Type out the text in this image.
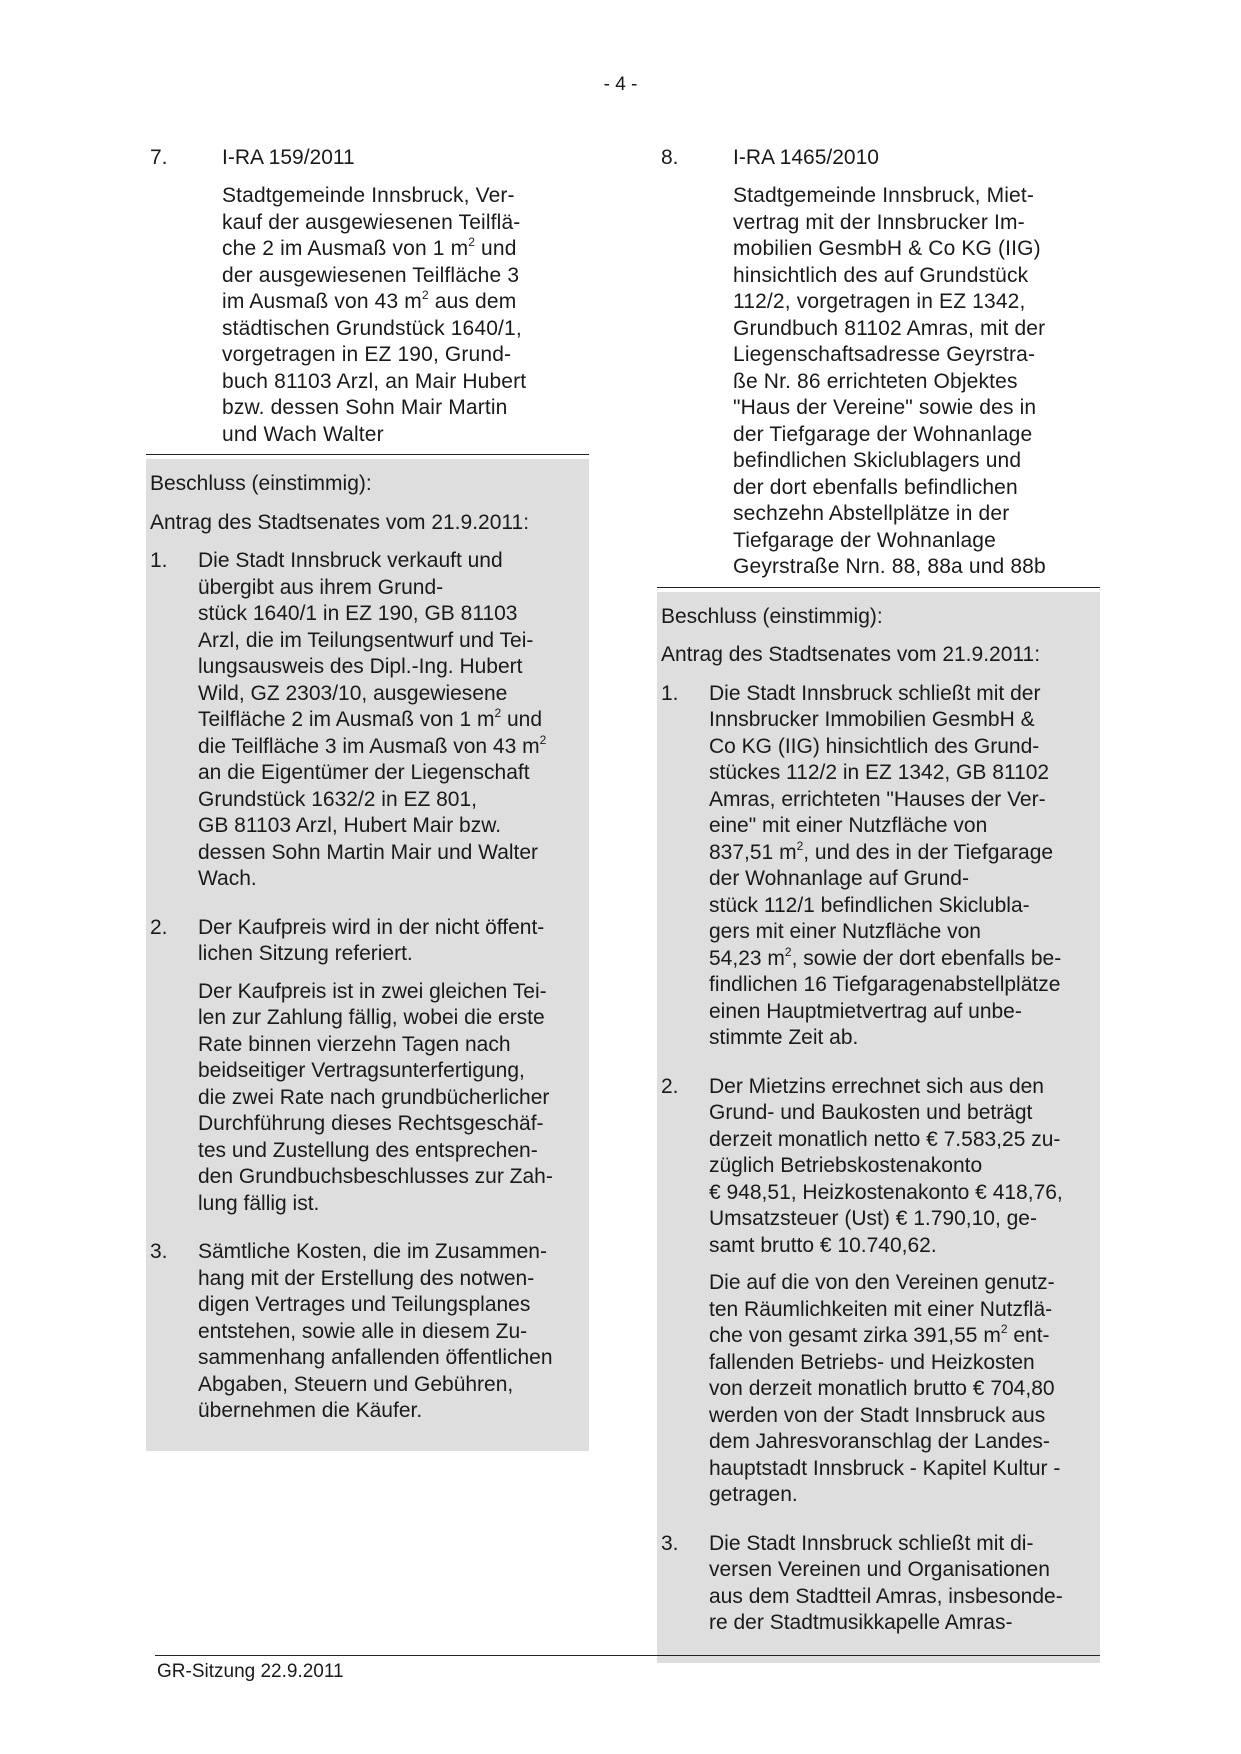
- 4 -
7.	I-RA 159/2011
Stadtgemeinde Innsbruck, Ver-
kauf der ausgewiesenen Teilflä-
che 2 im Ausmaß von 1 $m^2$ und
der ausgewiesenen Teilfläche 3
im Ausmaß von 43 $m^2$ aus dem
städtischen Grundstück 1640/1,
vorgetragen in EZ 190, Grund-
buch 81103 Arzl, an Mair Hubert
bzw. dessen Sohn Mair Martin
und Wach Walter
Beschluss (einstimmig):
Antrag des Stadtsenates vom 21.9.2011:
1.	Die Stadt Innsbruck verkauft und
übergibt aus ihrem Grund-
stück 1640/1 in EZ 190, GB 81103
Arzl, die im Teilungsentwurf und Tei-
lungsausweis des Dipl.-Ing. Hubert
Wild, GZ 2303/10, ausgewiesene
Teilfläche 2 im Ausmaß von 1 $m^2$ und
die Teilfläche 3 im Ausmaß von 43 $m^2$
an die Eigentümer der Liegenschaft
Grundstück 1632/2 in EZ 801,
GB 81103 Arzl, Hubert Mair bzw.
dessen Sohn Martin Mair und Walter
Wach.
2.	Der Kaufpreis wird in der nicht öffent-
lichen Sitzung referiert.
Der Kaufpreis ist in zwei gleichen Tei-
len zur Zahlung fällig, wobei die erste
Rate binnen vierzehn Tagen nach
beidseitiger Vertragsunterfertigung,
die zwei Rate nach grundbücherlicher
Durchführung dieses Rechtsgeschäf-
tes und Zustellung des entsprechen-
den Grundbuchsbeschlusses zur Zah-
lung fällig ist.
3.	Sämtliche Kosten, die im Zusammen-
hang mit der Erstellung des notwen-
digen Vertrages und Teilungsplanes
entstehen, sowie alle in diesem Zu-
sammenhang anfallenden öffentlichen
Abgaben, Steuern und Gebühren,
übernehmen die Käufer.
8.	I-RA 1465/2010
Stadtgemeinde Innsbruck, Miet-
vertrag mit der Innsbrucker Im-
mobilien GesmbH & Co KG (IIG)
hinsichtlich des auf Grundstück
112/2, vorgetragen in EZ 1342,
Grundbuch 81102 Amras, mit der
Liegenschaftsadresse Geyrstra-
ße Nr. 86 errichteten Objektes
"Haus der Vereine" sowie des in
der Tiefgarage der Wohnanlage
befindlichen Skiclublagers und
der dort ebenfalls befindlichen
sechzehn Abstellplätze in der
Tiefgarage der Wohnanlage
Geyrstraße Nrn. 88, 88a und 88b
Beschluss (einstimmig):
Antrag des Stadtsenates vom 21.9.2011:
1.	Die Stadt Innsbruck schließt mit der
Innsbrucker Immobilien GesmbH &
Co KG (IIG) hinsichtlich des Grund-
stückes 112/2 in EZ 1342, GB 81102
Amras, errichteten "Hauses der Ver-
eine" mit einer Nutzfläche von
837,51 $m^2$, und des in der Tiefgarage
der Wohnanlage auf Grund-
stück 112/1 befindlichen Skiclubla-
gers mit einer Nutzfläche von
54,23 $m^2$, sowie der dort ebenfalls be-
findlichen 16 Tiefgaragenabstellplätze
einen Hauptmietvertrag auf unbe-
stimmte Zeit ab.
2.	Der Mietzins errechnet sich aus den
Grund- und Baukosten und beträgt
derzeit monatlich netto € 7.583,25 zu-
züglich Betriebskostenakonto
€ 948,51, Heizkostenakonto € 418,76,
Umsatzsteuer (Ust) € 1.790,10, ge-
samt brutto € 10.740,62.
Die auf die von den Vereinen genutz-
ten Räumlichkeiten mit einer Nutzflä-
che von gesamt zirka 391,55 $m^2$ ent-
fallenden Betriebs- und Heizkosten
von derzeit monatlich brutto € 704,80
werden von der Stadt Innsbruck aus
dem Jahresvoranschlag der Landes-
hauptstadt Innsbruck - Kapitel Kultur -
getragen.
3.	Die Stadt Innsbruck schließt mit di-
versen Vereinen und Organisationen
aus dem Stadtteil Amras, insbesonde-
re der Stadtmusikkapelle Amras-
GR-Sitzung 22.9.2011
